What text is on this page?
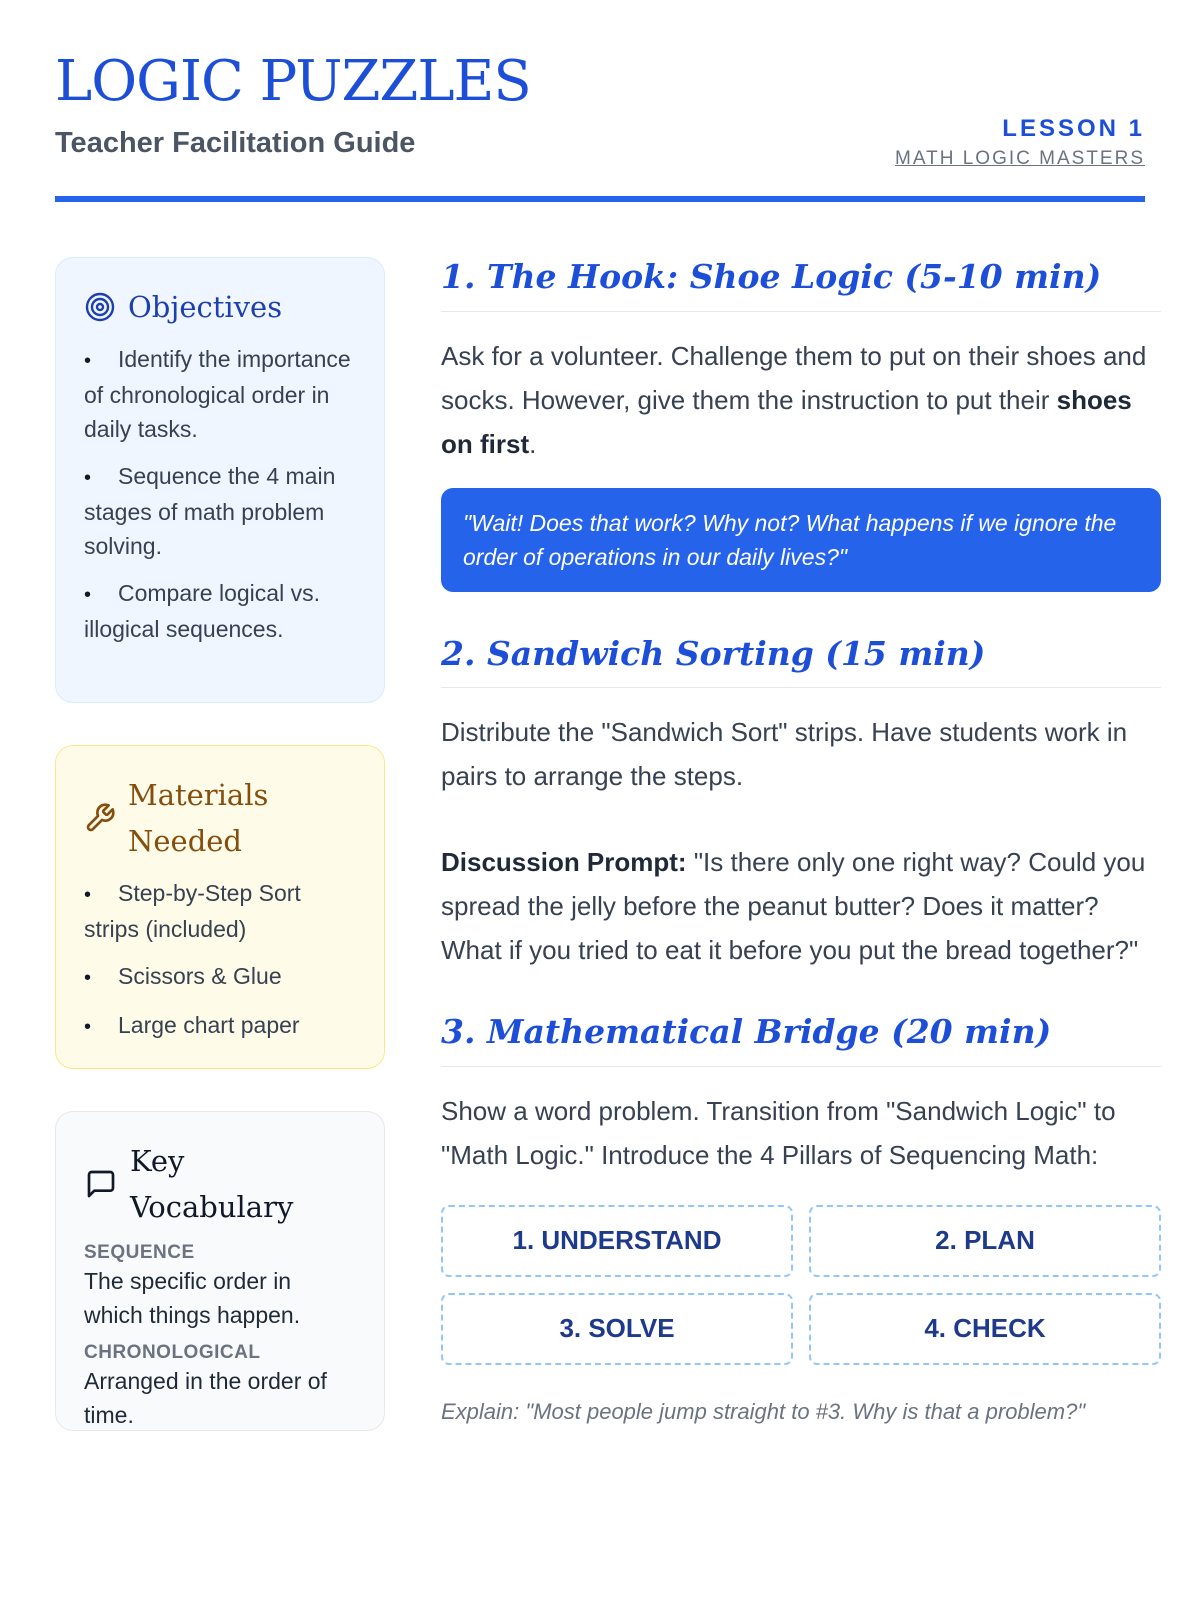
LOGIC PUZZLES
Teacher Facilitation Guide	LESSON 1
MATH LOGIC MASTERS
Objectives
• Identify the importance of chronological order in daily tasks.
• Sequence the 4 main stages of math problem solving.
• Compare logical vs. illogical sequences.
Materials Needed
• Step-by-Step Sort strips (included)
• Scissors & Glue
• Large chart paper
Key Vocabulary
SEQUENCE
The specific order in which things happen.
CHRONOLOGICAL
Arranged in the order of time.
1. The Hook: Shoe Logic (5-10 min)

Ask for a volunteer. Challenge them to put on their shoes and socks. However, give them the instruction to put their shoes on first.

"Wait! Does that work? Why not? What happens if we ignore the order of operations in our daily lives?"
2. Sandwich Sorting (15 min)

Distribute the "Sandwich Sort" strips. Have students work in pairs to arrange the steps.

Discussion Prompt: "Is there only one right way? Could you spread the jelly before the peanut butter? Does it matter? What if you tried to eat it before you put the bread together?"

3. Mathematical Bridge (20 min)

Show a word problem. Transition from "Sandwich Logic" to "Math Logic." Introduce the 4 Pillars of Sequencing Math:

1. UNDERSTAND	2. PLAN
3. SOLVE	4. CHECK

Explain: "Most people jump straight to #3. Why is that a problem?"
